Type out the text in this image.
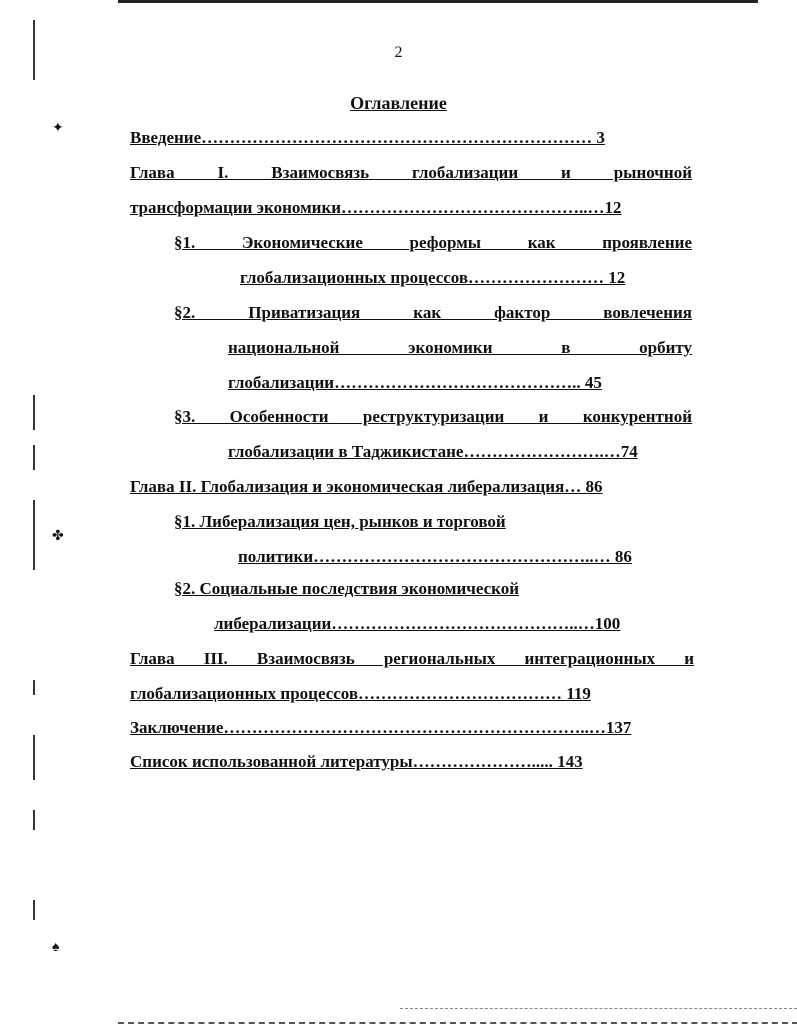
✦
✤
♠
2
Оглавление
Введение…………………………………………………………… 3
Глава I. Взаимосвязь глобализации и рыночной
трансформации экономики……………………………………..…12
§1. Экономические реформы как проявление
глобализационных процессов…………………… 12
§2. Приватизация как фактор вовлечения
национальной экономики в орбиту
глобализации…………………………………….. 45
§3. Особенности реструктуризации и конкурентной
глобализации в Таджикистане…………………….…74
Глава II. Глобализация и экономическая либерализация… 86
§1. Либерализация цен, рынков и торговой
политики…………………………………………..… 86
§2. Социальные последствия экономической
либерализации……………………………………..…100
Глава III. Взаимосвязь региональных интеграционных и
глобализационных процессов……………………………… 119
Заключение………………………………………………………..…137
Список использованной литературы…………………..... 143
